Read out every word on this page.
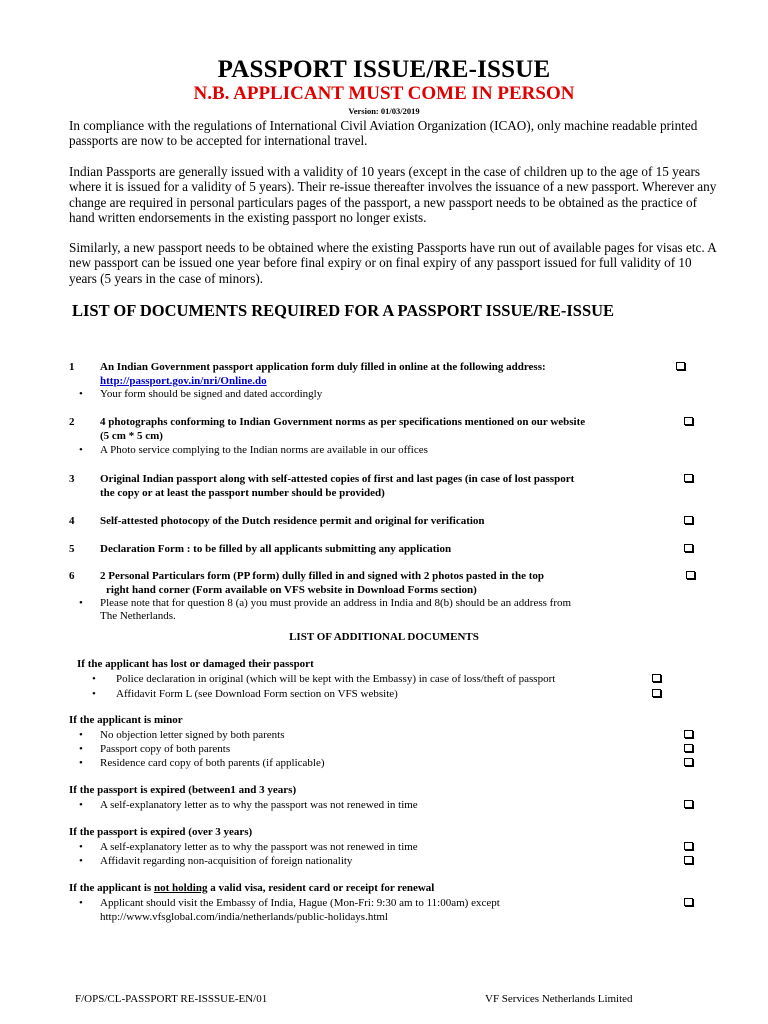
PASSPORT ISSUE/RE-ISSUE
N.B. APPLICANT MUST COME IN PERSON
Version: 01/03/2019

In compliance with the regulations of International Civil Aviation Organization (ICAO), only machine readable printed passports are now to be accepted for international travel.

Indian Passports are generally issued with a validity of 10 years (except in the case of children up to the age of 15 years where it is issued for a validity of 5 years). Their re-issue thereafter involves the issuance of a new passport. Wherever any change are required in personal particulars pages of the passport, a new passport needs to be obtained as the practice of hand written endorsements in the existing passport no longer exists.

Similarly, a new passport needs to be obtained where the existing Passports have run out of available pages for visas etc. A new passport can be issued one year before final expiry or on final expiry of any passport issued for full validity of 10 years (5 years in the case of minors).

LIST OF DOCUMENTS REQUIRED FOR A PASSPORT ISSUE/RE-ISSUE
1 An Indian Government passport application form duly filled in online at the following address:
http://passport.gov.in/nri/Online.do
• Your form should be signed and dated accordingly
2 4 photographs conforming to Indian Government norms as per specifications mentioned on our website
(5 cm * 5 cm)
• A Photo service complying to the Indian norms are available in our offices
3 Original Indian passport along with self-attested copies of first and last pages (in case of lost passport
the copy or at least the passport number should be provided)
4 Self-attested photocopy of the Dutch residence permit and original for verification
5 Declaration Form : to be filled by all applicants submitting any application
6 2 Personal Particulars form (PP form) dully filled in and signed with 2 photos pasted in the top
right hand corner (Form available on VFS website in Download Forms section)
• Please note that for question 8 (a) you must provide an address in India and 8(b) should be an address from
The Netherlands.
LIST OF ADDITIONAL DOCUMENTS
If the applicant has lost or damaged their passport
• Police declaration in original (which will be kept with the Embassy) in case of loss/theft of passport
• Affidavit Form L (see Download Form section on VFS website)
If the applicant is minor
• No objection letter signed by both parents
• Passport copy of both parents
• Residence card copy of both parents (if applicable)
If the passport is expired (between1 and 3 years)
• A self-explanatory letter as to why the passport was not renewed in time
If the passport is expired (over 3 years)
• A self-explanatory letter as to why the passport was not renewed in time
• Affidavit regarding non-acquisition of foreign nationality
If the applicant is not holding a valid visa, resident card or receipt for renewal
• Applicant should visit the Embassy of India, Hague (Mon-Fri: 9:30 am to 11:00am) except
http://www.vfsglobal.com/india/netherlands/public-holidays.html
F/OPS/CL-PASSPORT RE-ISSSUE-EN/01	VF Services Netherlands Limited
